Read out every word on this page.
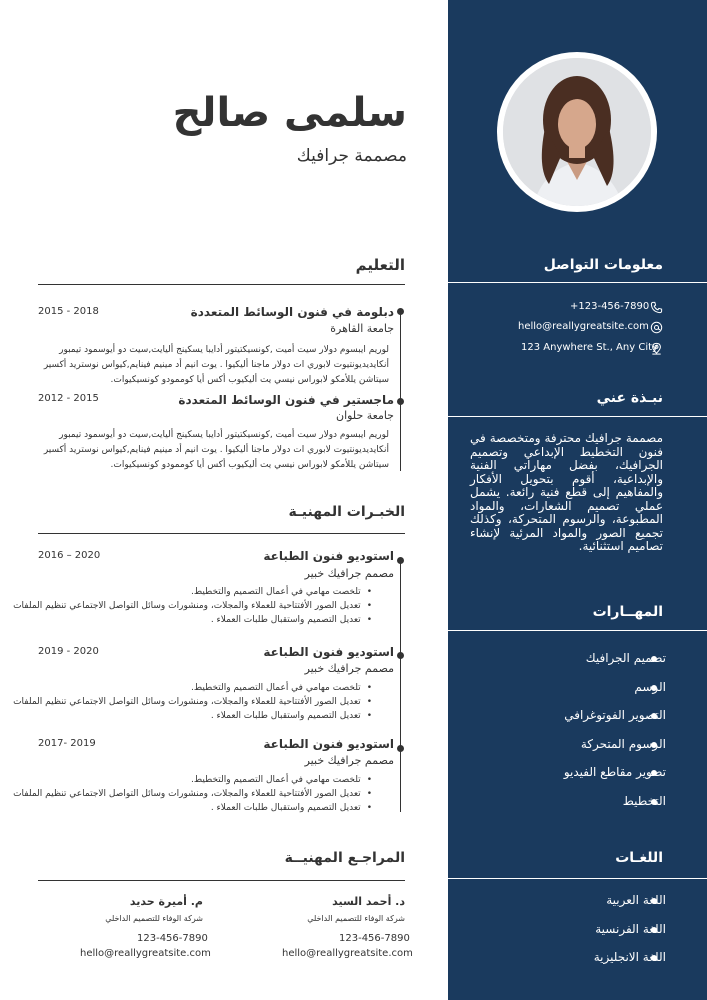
سلمى صالح
مصممة جرافيك
التعليم
دبلومة في فنون الوسائط المتعددة
جامعة القاهرة
2015 - 2018
لوريم ايبسوم دولار سيت أميت ,كونسيكتيتور أدايبا يسكينج أليايت,سيت دو أيوسمود تيمبور أنكايديديونتيوت لابوري ات دولار ماجنا أليكيوا . يوت انيم أد مينيم فينايم,كيواس نوستريد أكسير سيتاشن يللأمكو لابوراس نيسي يت أليكيوب أكس أيا كوممودو كونسيكيوات.
ماجستير في فنون الوسائط المتعددة
جامعة حلوان
2012 - 2015
لوريم ايبسوم دولار سيت أميت ,كونسيكتيتور أدايبا يسكينج أليايت,سيت دو أيوسمود تيمبور أنكايديديونتيوت لابوري ات دولار ماجنا أليكيوا . يوت انيم أد مينيم فينايم,كيواس نوستريد أكسير سيتاشن يللأمكو لابوراس نيسي يت أليكيوب أكس أيا كوممودو كونسيكيوات.
الخبـرات المهنيـة
استوديو فنون الطباعة
مصمم جرافيك خبير
2016 – 2020
• تلخصت مهامي في أعمال التصميم والتخطيط.
• تعديل الصور الأفتتاحية للعملاء والمجلات، ومنشورات وسائل التواصل الاجتماعي تنظيم الملفات
• تعديل التصميم واستقبال طلبات العملاء .
استوديو فنون الطباعة
مصمم جرافيك خبير
2019 - 2020
• تلخصت مهامي في أعمال التصميم والتخطيط.
• تعديل الصور الأفتتاحية للعملاء والمجلات، ومنشورات وسائل التواصل الاجتماعي تنظيم الملفات
• تعديل التصميم واستقبال طلبات العملاء .
استوديو فنون الطباعة
مصمم جرافيك خبير
2017- 2019
• تلخصت مهامي في أعمال التصميم والتخطيط.
• تعديل الصور الأفتتاحية للعملاء والمجلات، ومنشورات وسائل التواصل الاجتماعي تنظيم الملفات
• تعديل التصميم واستقبال طلبات العملاء .
المراجـع المهنيــة
د. أحمد السيد
شركة الوفاء للتصميم الداخلي
123-456-7890
hello@reallygreatsite.com
م. أميرة حديد
شركة الوفاء للتصميم الداخلي
123-456-7890
hello@reallygreatsite.com
معلومات التواصل
+123-456-7890
hello@reallygreatsite.com
123 Anywhere St., Any City
نبـذة عني
مصممة جرافيك محترفة ومتخصصة في فنون التخطيط الإبداعي وتصميم الجرافيك، بفضل مهاراتي الفنية والإبداعية، أقوم بتحويل الأفكار والمفاهيم إلى قطع فنية رائعة. يشمل عملي تصميم الشعارات، والمواد المطبوعة، والرسوم المتحركة، وكذلك تجميع الصور والمواد المرئية لإنشاء تصاميم استثنائية.
المهــارات
تصميم الجرافيك
الرسم
التصوير الفوتوغرافي
الرسوم المتحركة
تصوير مقاطع الفيديو
التخطيط
اللغـات
اللغة العربية
اللغة الفرنسية
اللغة الانجليزية
